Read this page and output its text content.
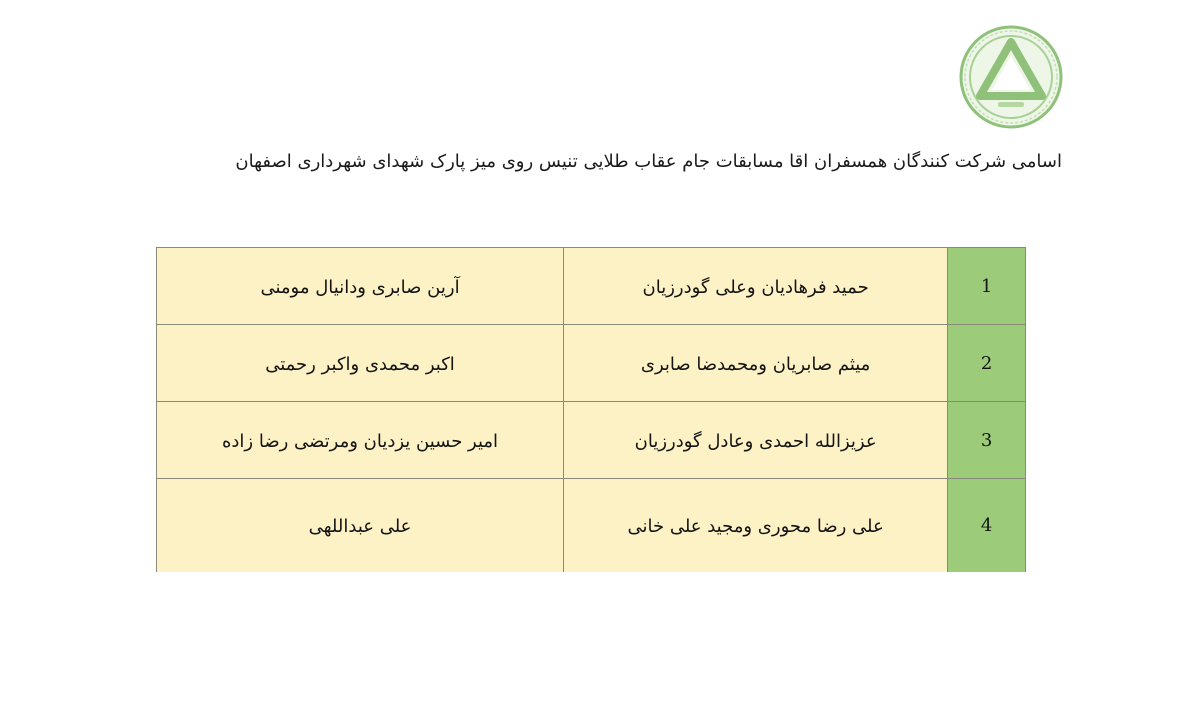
اسامی شرکت کنندگان همسفران اقا مسابقات جام عقاب طلایی تنیس روی میز پارک شهدای شهرداری اصفهان
آرین صابری ودانیال مومنی	حمید فرهادیان وعلی گودرزیان	1
اکبر محمدی واکبر رحمتی	میثم صابریان ومحمدضا صابری	2
امیر حسین یزدیان ومرتضی رضا زاده	عزیزالله احمدی وعادل گودرزیان	3
علی عبداللهی	علی رضا محوری ومجید علی خانی	4
